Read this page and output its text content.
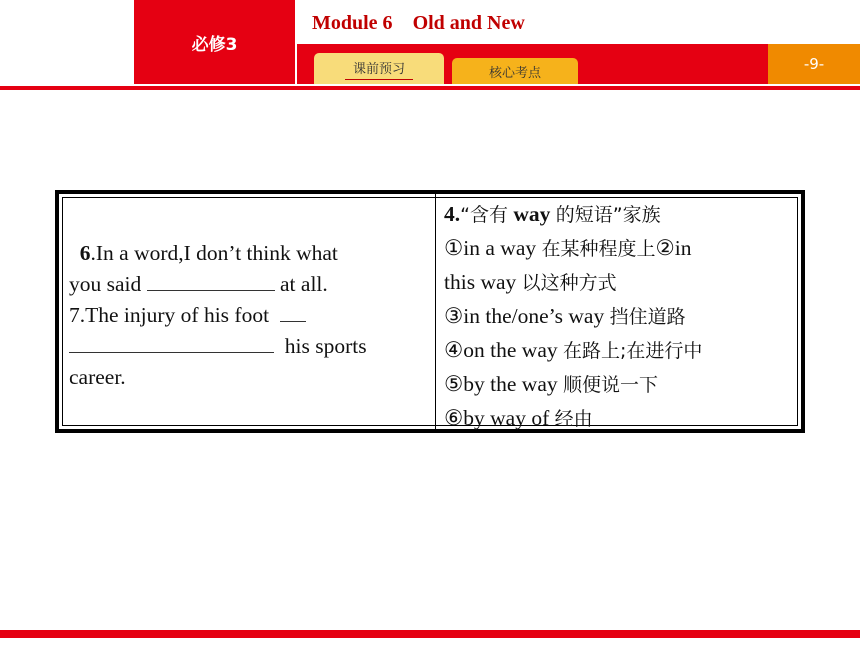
必修3
Module 6 Old and New
-9-
课前预习	核心考点
6.In a word,I don’t think what
you said	at all.
7.The injury of his foot
his sports
career.
4.“含有 way 的短语”家族
①in a way 在某种程度上②in
this way 以这种方式
③in the/one’s way 挡住道路
④on the way 在路上;在进行中
⑤by the way 顺便说一下
⑥by way of 经由
